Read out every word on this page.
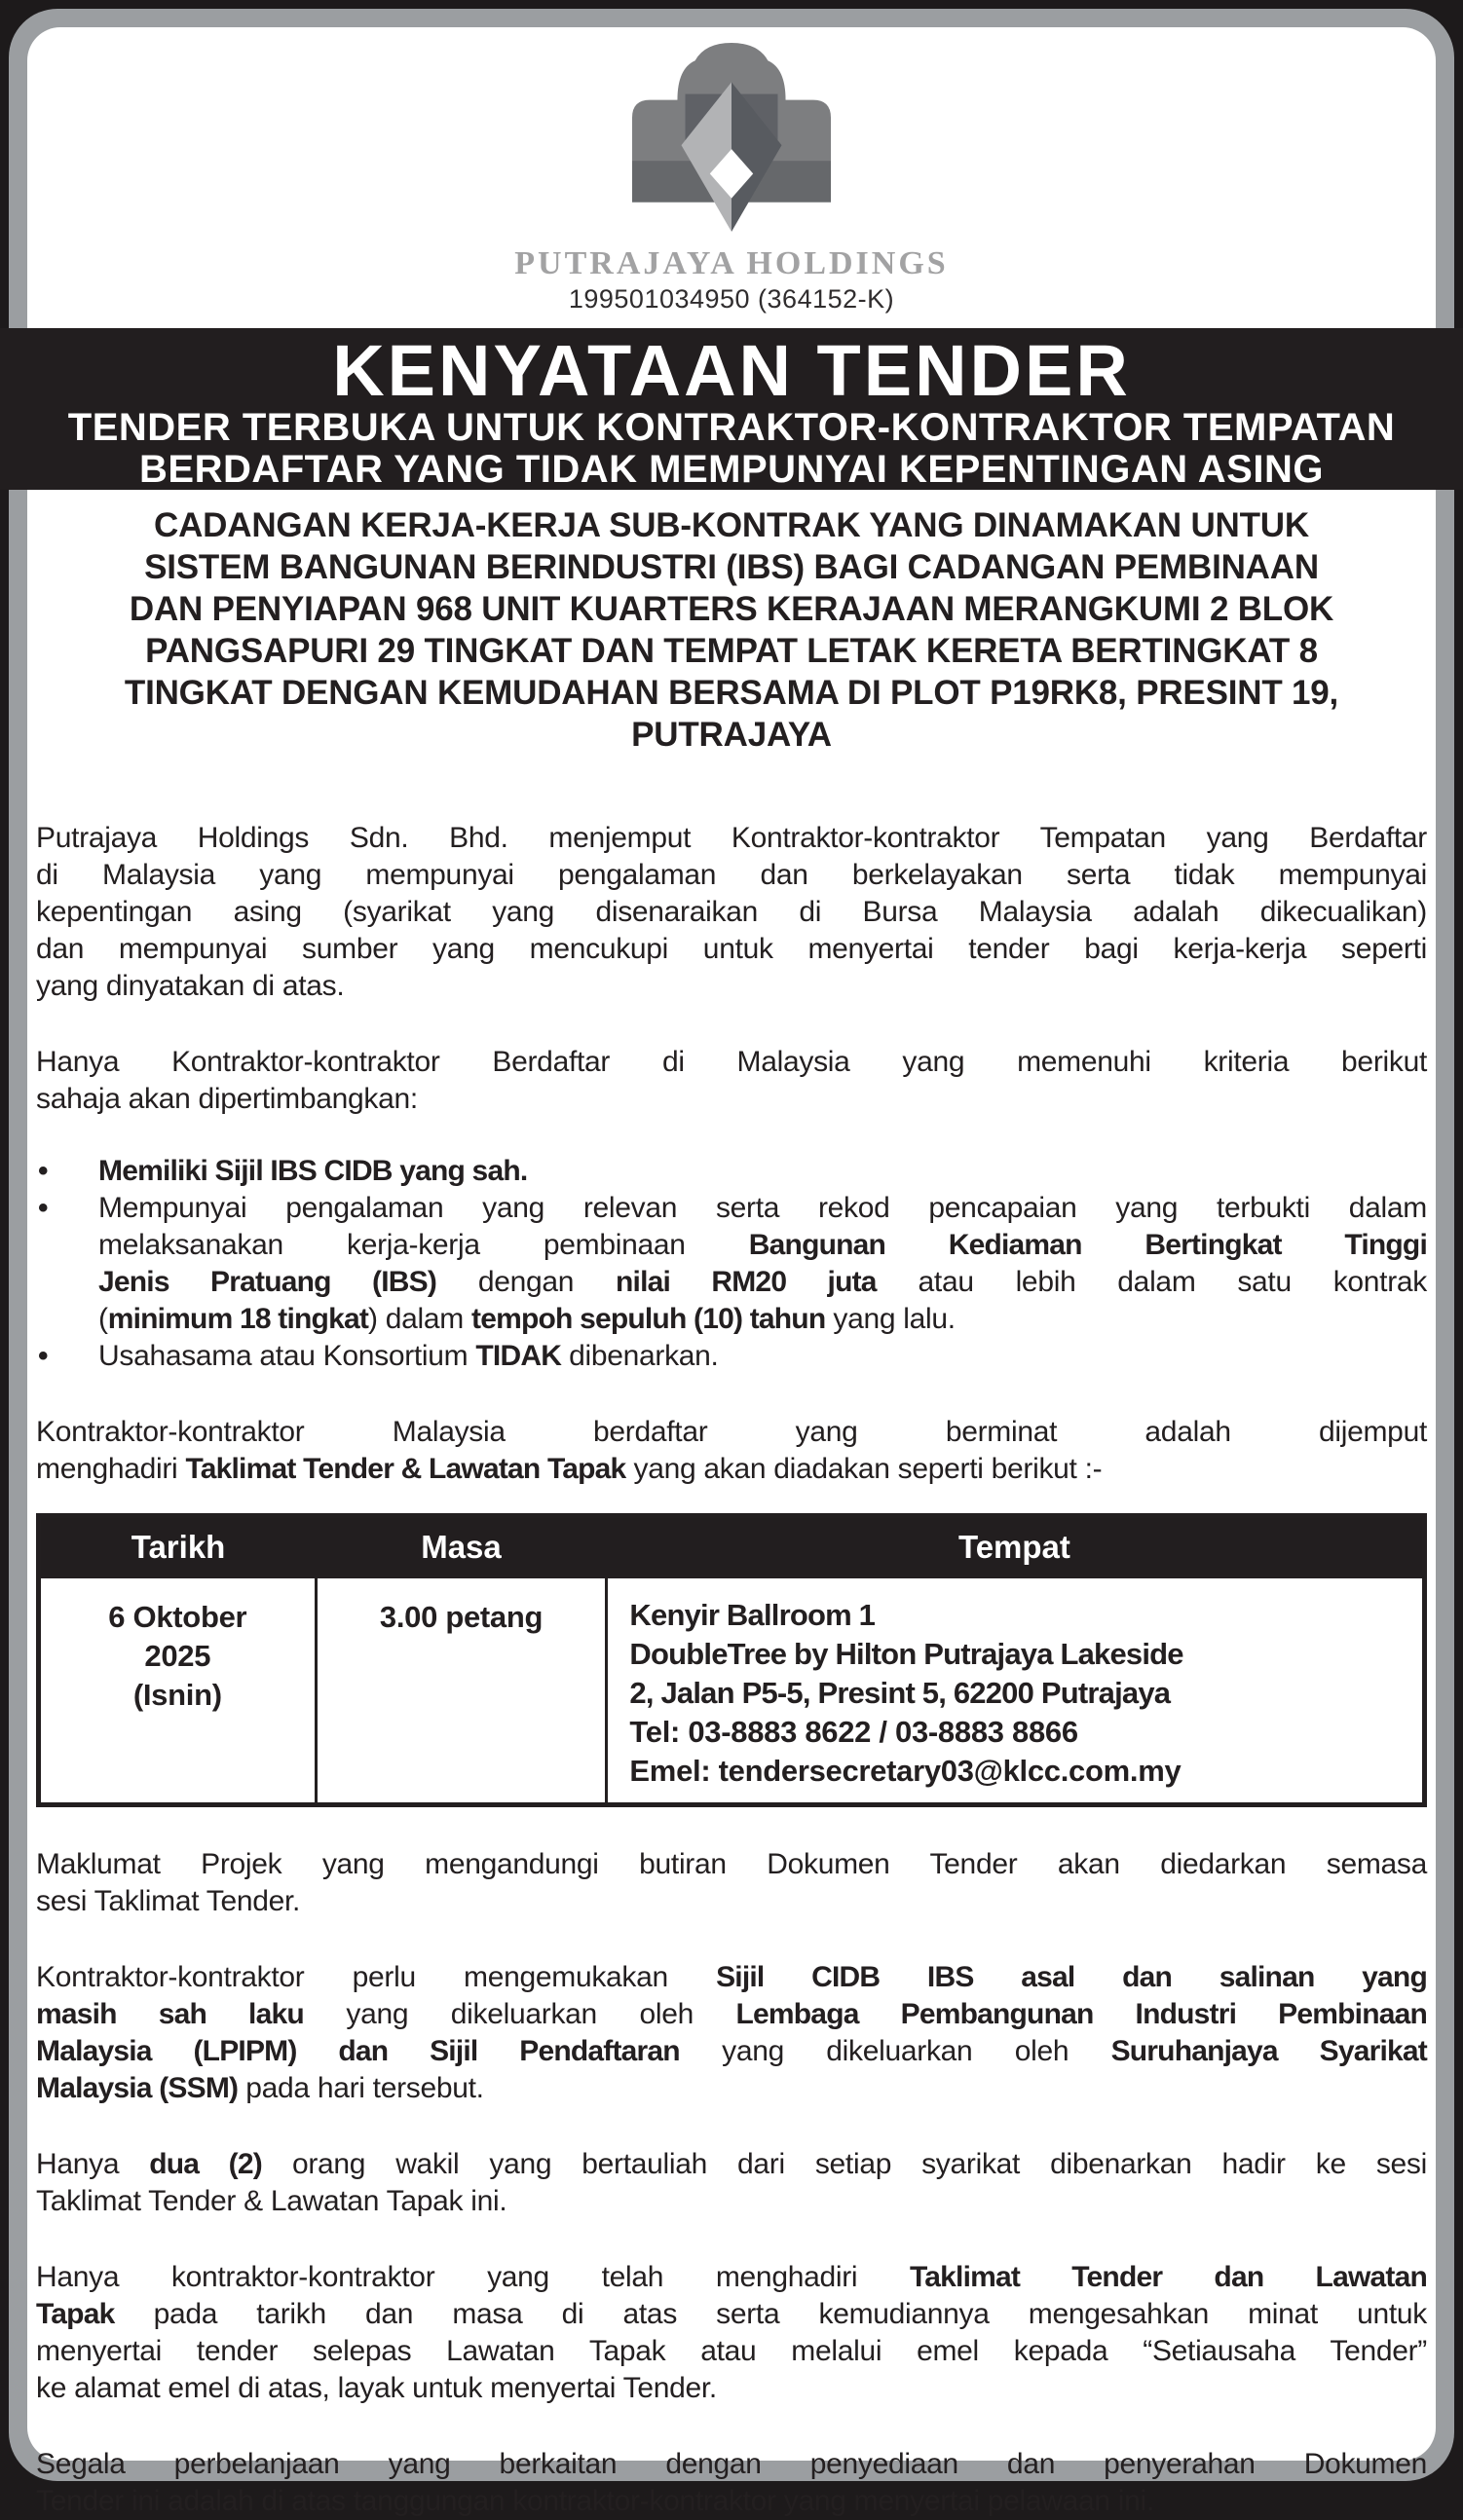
PUTRAJAYA HOLDINGS
199501034950 (364152-K)
KENYATAAN TENDER
TENDER TERBUKA UNTUK KONTRAKTOR-KONTRAKTOR TEMPATAN
BERDAFTAR YANG TIDAK MEMPUNYAI KEPENTINGAN ASING
CADANGAN KERJA-KERJA SUB-KONTRAK YANG DINAMAKAN UNTUK
SISTEM BANGUNAN BERINDUSTRI (IBS) BAGI CADANGAN PEMBINAAN
DAN PENYIAPAN 968 UNIT KUARTERS KERAJAAN MERANGKUMI 2 BLOK
PANGSAPURI 29 TINGKAT DAN TEMPAT LETAK KERETA BERTINGKAT 8
TINGKAT DENGAN KEMUDAHAN BERSAMA DI PLOT P19RK8, PRESINT 19,
PUTRAJAYA
Putrajaya Holdings Sdn. Bhd. menjemput Kontraktor-kontraktor Tempatan yang Berdaftar
di Malaysia yang mempunyai pengalaman dan berkelayakan serta tidak mempunyai
kepentingan asing (syarikat yang disenaraikan di Bursa Malaysia adalah dikecualikan)
dan mempunyai sumber yang mencukupi untuk menyertai tender bagi kerja-kerja seperti
yang dinyatakan di atas.
Hanya Kontraktor-kontraktor Berdaftar di Malaysia yang memenuhi kriteria berikut
sahaja akan dipertimbangkan:
• Memiliki Sijil IBS CIDB yang sah.
• Mempunyai pengalaman yang relevan serta rekod pencapaian yang terbukti dalam
melaksanakan kerja-kerja pembinaan Bangunan Kediaman Bertingkat Tinggi
Jenis Pratuang (IBS) dengan nilai RM20 juta atau lebih dalam satu kontrak
(minimum 18 tingkat) dalam tempoh sepuluh (10) tahun yang lalu.
• Usahasama atau Konsortium TIDAK dibenarkan.
Kontraktor-kontraktor Malaysia berdaftar yang berminat adalah dijemput
menghadiri Taklimat Tender & Lawatan Tapak yang akan diadakan seperti berikut :-
Tarikh	Masa	Tempat

6 Oktober
2025
(Isnin)
	3.00 petang	Kenyir Ballroom 1
DoubleTree by Hilton Putrajaya Lakeside
2, Jalan P5-5, Presint 5, 62200 Putrajaya
Tel: 03-8883 8622 / 03-8883 8866
Emel: tendersecretary03@klcc.com.my
Maklumat Projek yang mengandungi butiran Dokumen Tender akan diedarkan semasa
sesi Taklimat Tender.
Kontraktor-kontraktor perlu mengemukakan Sijil CIDB IBS asal dan salinan yang
masih sah laku yang dikeluarkan oleh Lembaga Pembangunan Industri Pembinaan
Malaysia (LPIPM) dan Sijil Pendaftaran yang dikeluarkan oleh Suruhanjaya Syarikat
Malaysia (SSM) pada hari tersebut.
Hanya dua (2) orang wakil yang bertauliah dari setiap syarikat dibenarkan hadir ke sesi
Taklimat Tender & Lawatan Tapak ini.
Hanya kontraktor-kontraktor yang telah menghadiri Taklimat Tender dan Lawatan
Tapak pada tarikh dan masa di atas serta kemudiannya mengesahkan minat untuk
menyertai tender selepas Lawatan Tapak atau melalui emel kepada “Setiausaha Tender”
ke alamat emel di atas, layak untuk menyertai Tender.
Segala perbelanjaan yang berkaitan dengan penyediaan dan penyerahan Dokumen
Tender ini adalah di atas tanggungan kontraktor-kontraktor yang menyertai pelawaan ini.
